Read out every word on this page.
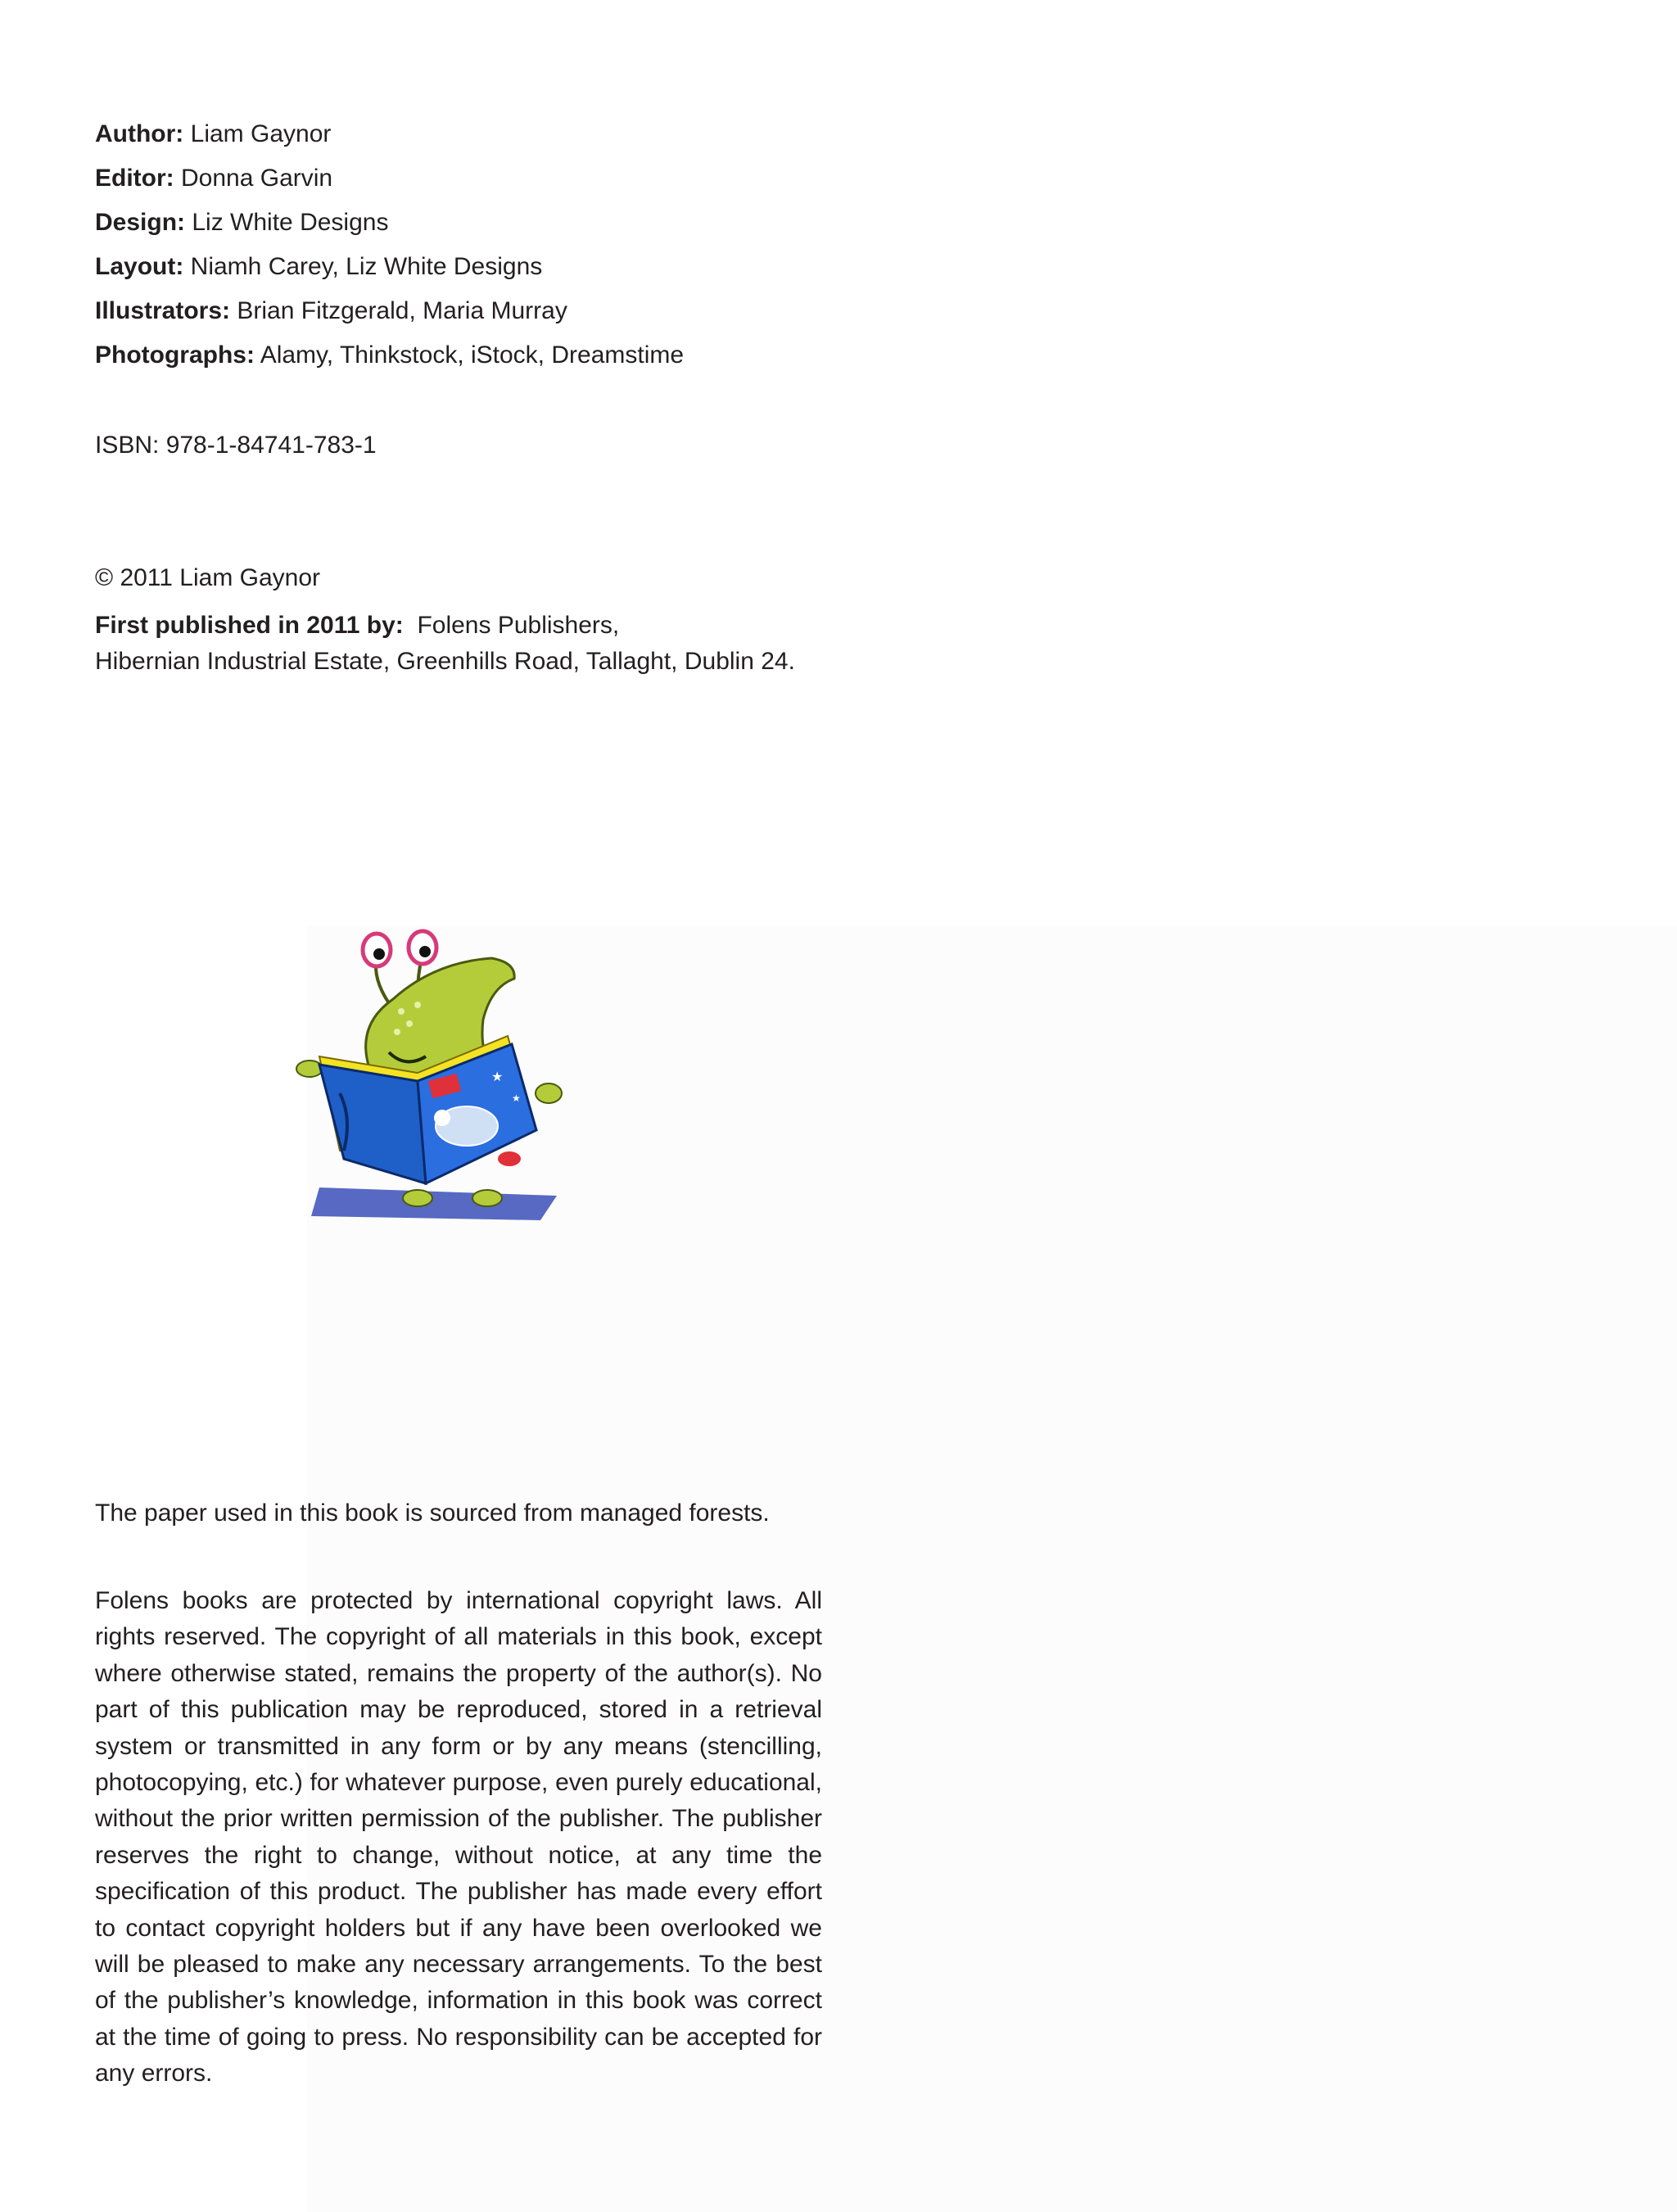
Author: Liam Gaynor
Editor: Donna Garvin
Design: Liz White Designs
Layout: Niamh Carey, Liz White Designs
Illustrators: Brian Fitzgerald, Maria Murray
Photographs: Alamy, Thinkstock, iStock, Dreamstime
ISBN: 978-1-84741-783-1
© 2011 Liam Gaynor
First published in 2011 by: Folens Publishers,
Hibernian Industrial Estate, Greenhills Road, Tallaght, Dublin 24.
★
★
The paper used in this book is sourced from managed forests.
Folens books are protected by international copyright laws. All rights reserved. The copyright of all materials in this book, except where otherwise stated, remains the property of the author(s). No part of this publication may be reproduced, stored in a retrieval system or transmitted in any form or by any means (stencilling, photocopying, etc.) for whatever purpose, even purely educational, without the prior written permission of the publisher. The publisher reserves the right to change, without notice, at any time the specification of this product. The publisher has made every effort to contact copyright holders but if any have been overlooked we will be pleased to make any necessary arrangements. To the best of the publisher’s knowledge, information in this book was correct at the time of going to press. No responsibility can be accepted for any errors.
